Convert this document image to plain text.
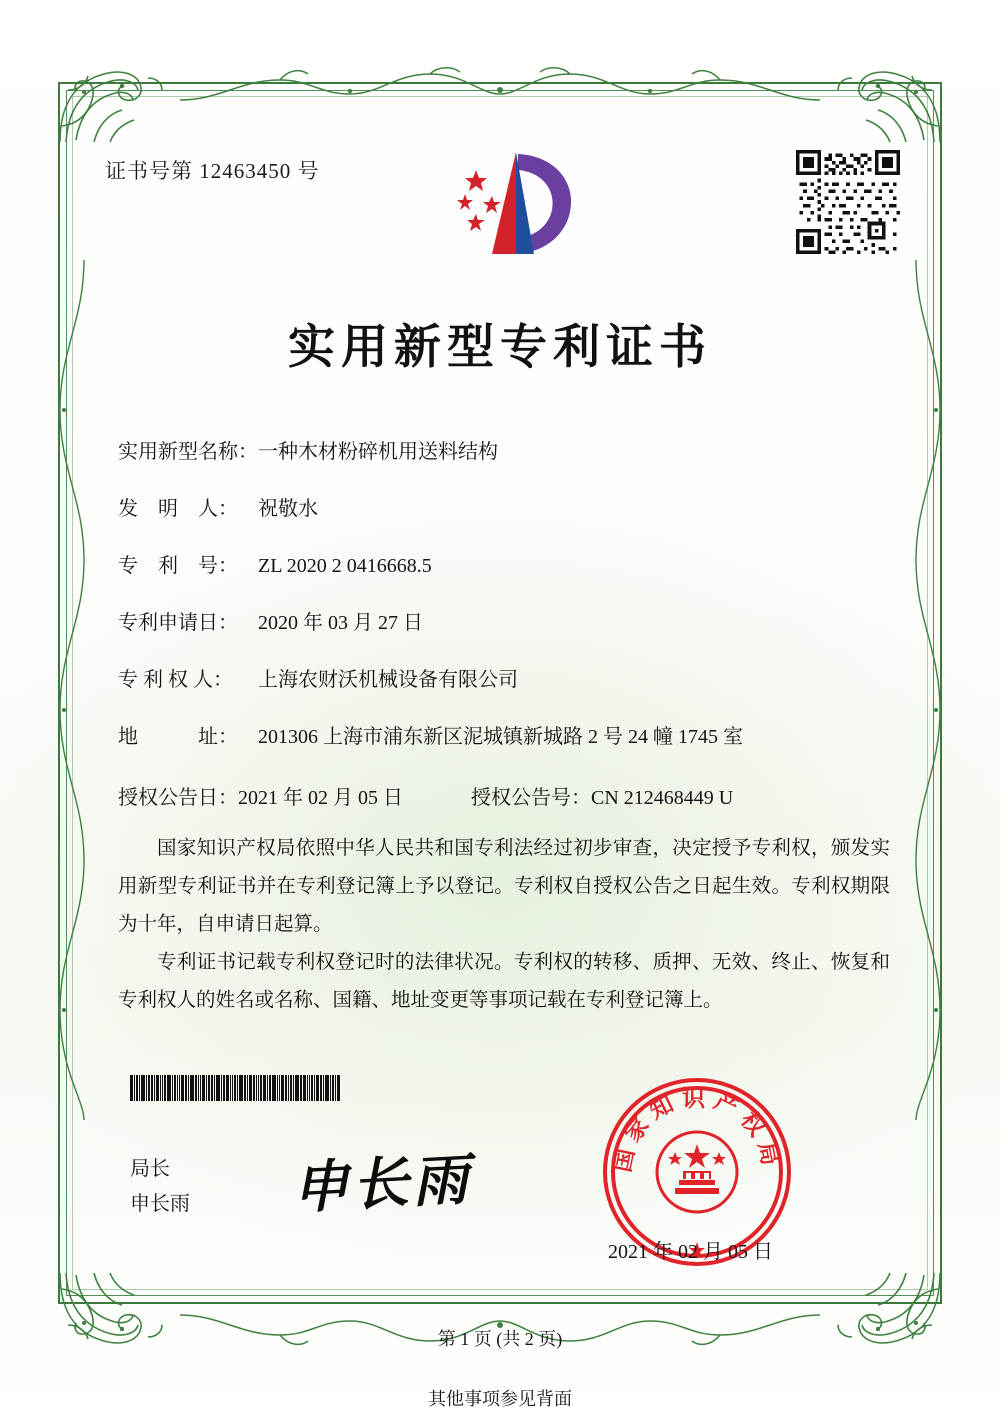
证书号第 12463450 号
实用新型专利证书
实用新型名称： 一种木材粉碎机用送料结构
发　明　人：	祝敬水
专　利　号：	ZL 2020 2 0416668.5
专利申请日：	2020 年 03 月 27 日
专 利 权 人：	上海农财沃机械设备有限公司
地　　　址：	201306 上海市浦东新区泥城镇新城路 2 号 24 幢 1745 室
授权公告日： 2021 年 02 月 05 日	授权公告号： CN 212468449 U

国家知识产权局依照中华人民共和国专利法经过初步审查，决定授予专利权，颁发实用新型专利证书并在专利登记簿上予以登记。专利权自授权公告之日起生效。专利权期限为十年，自申请日起算。

专利证书记载专利权登记时的法律状况。专利权的转移、质押、无效、终止、恢复和专利权人的姓名或名称、国籍、地址变更等事项记载在专利登记簿上。

局长
申长雨 申长雨	国家知识产权局
2021 年 02 月 05 日
第 1 页 (共 2 页)
其他事项参见背面
